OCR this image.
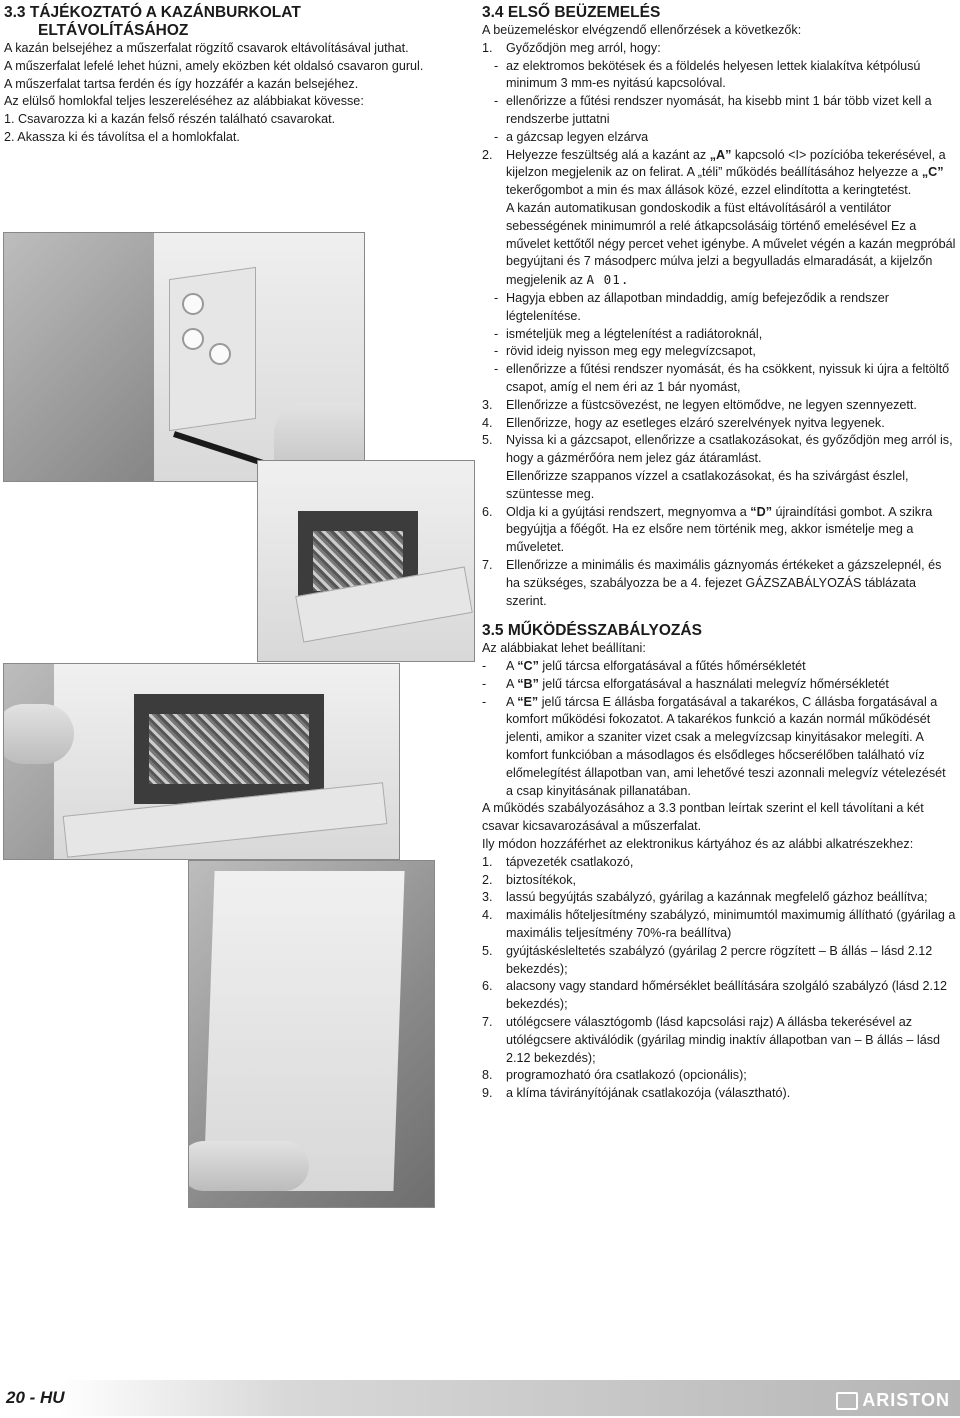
3.3 TÁJÉKOZTATÓ A KAZÁNBURKOLAT
ELTÁVOLÍTÁSÁHOZ

A kazán belsejéhez a műszerfalat rögzítő csavarok eltávolításával juthat.

A műszerfalat lefelé lehet húzni, amely eközben két oldalsó csavaron gurul.

A műszerfalat tartsa ferdén és így hozzáfér a kazán belsejéhez.

Az elülső homlokfal teljes leszereléséhez az alábbiakat kövesse:

1. Csavarozza ki a kazán felső részén található csavarokat.

2. Akassza ki és távolítsa el a homlokfalat.

3.4 ELSŐ BEÜZEMELÉS

A beüzemeléskor elvégzendő ellenőrzések a következők:

1. Győződjön meg arról, hogy:

- az elektromos bekötések és a földelés helyesen lettek kialakítva kétpólusú minimum 3 mm-es nyitású kapcsolóval.

- ellenőrizze a fűtési rendszer nyomását, ha kisebb mint 1 bár több vizet kell a rendszerbe juttatni

- a gázcsap legyen elzárva

2. Helyezze feszültség alá a kazánt az „A” kapcsoló <I> pozícióba tekerésével, a kijelzon megjelenik az on felirat. A „téli” működés beállításához helyezze a „C” tekerőgombot a min és max állások közé, ezzel elindította a keringtetést.

A kazán automatikusan gondoskodik a füst eltávolításáról a ventilátor sebességének minimumról a relé átkapcsolásáig történő emelésével Ez a művelet kettőtől négy percet vehet igénybe. A művelet végén a kazán megpróbál begyújtani és 7 másodperc múlva jelzi a begyulladás elmaradását, a kijelzőn megjelenik az A 01.

- Hagyja ebben az állapotban mindaddig, amíg befejeződik a rendszer légtelenítése.

- ismételjük meg a légtelenítést a radiátoroknál,

- rövid ideig nyisson meg egy melegvízcsapot,

- ellenőrizze a fűtési rendszer nyomását, és ha csökkent, nyissuk ki újra a feltöltő csapot, amíg el nem éri az 1 bár nyomást,

3. Ellenőrizze a füstcsövezést, ne legyen eltömődve, ne legyen szennyezett.

4. Ellenőrizze, hogy az esetleges elzáró szerelvények nyitva legyenek.

5. Nyissa ki a gázcsapot, ellenőrizze a csatlakozásokat, és győződjön meg arról is, hogy a gázmérőóra nem jelez gáz átáramlást.

Ellenőrizze szappanos vízzel a csatlakozásokat, és ha szivárgást észlel, szüntesse meg.

6. Oldja ki a gyújtási rendszert, megnyomva a “D” újraindítási gombot. A szikra begyújtja a főégőt. Ha ez elsőre nem történik meg, akkor ismételje meg a műveletet.

7. Ellenőrizze a minimális és maximális gáznyomás értékeket a gázszelepnél, és ha szükséges, szabályozza be a 4. fejezet GÁZSZABÁLYOZÁS táblázata szerint.

3.5 MŰKÖDÉSSZABÁLYOZÁS

Az alábbiakat lehet beállítani:

- A “C” jelű tárcsa elforgatásával a fűtés hőmérsékletét

- A “B” jelű tárcsa elforgatásával a használati melegvíz hőmérsékletét

- A “E” jelű tárcsa E állásba forgatásával a takarékos, C állásba forgatásával a komfort működési fokozatot. A takarékos funkció a kazán normál működését jelenti, amikor a szaniter vizet csak a melegvízcsap kinyitásakor melegíti. A komfort funkcióban a másodlagos és elsődleges hőcserélőben található víz előmelegítést állapotban van, ami lehetővé teszi azonnali melegvíz vételezését a csap kinyitásának pillanatában.

A működés szabályozásához a 3.3 pontban leírtak szerint el kell távolítani a két csavar kicsavarozásával a műszerfalat.

Ily módon hozzáférhet az elektronikus kártyához és az alábbi alkatrészekhez:

1. tápvezeték csatlakozó,

2. biztosítékok,

3. lassú begyújtás szabályzó, gyárilag a kazánnak megfelelő gázhoz beállítva;

4. maximális hőteljesítmény szabályzó, minimumtól maximumig állítható (gyárilag a maximális teljesítmény 70%-ra beállítva)

5. gyújtáskésleltetés szabályzó (gyárilag 2 percre rögzített – B állás – lásd 2.12 bekezdés);

6. alacsony vagy standard hőmérséklet beállítására szolgáló szabályzó (lásd 2.12 bekezdés);

7. utólégcsere választógomb (lásd kapcsolási rajz) A állásba tekerésével az utólégcsere aktiválódik (gyárilag mindig inaktív állapotban van – B állás – lásd 2.12 bekezdés);

8. programozható óra csatlakozó (opcionális);

9. a klíma távirányítójának csatlakozója (választható).

20 - HU	ARISTON
